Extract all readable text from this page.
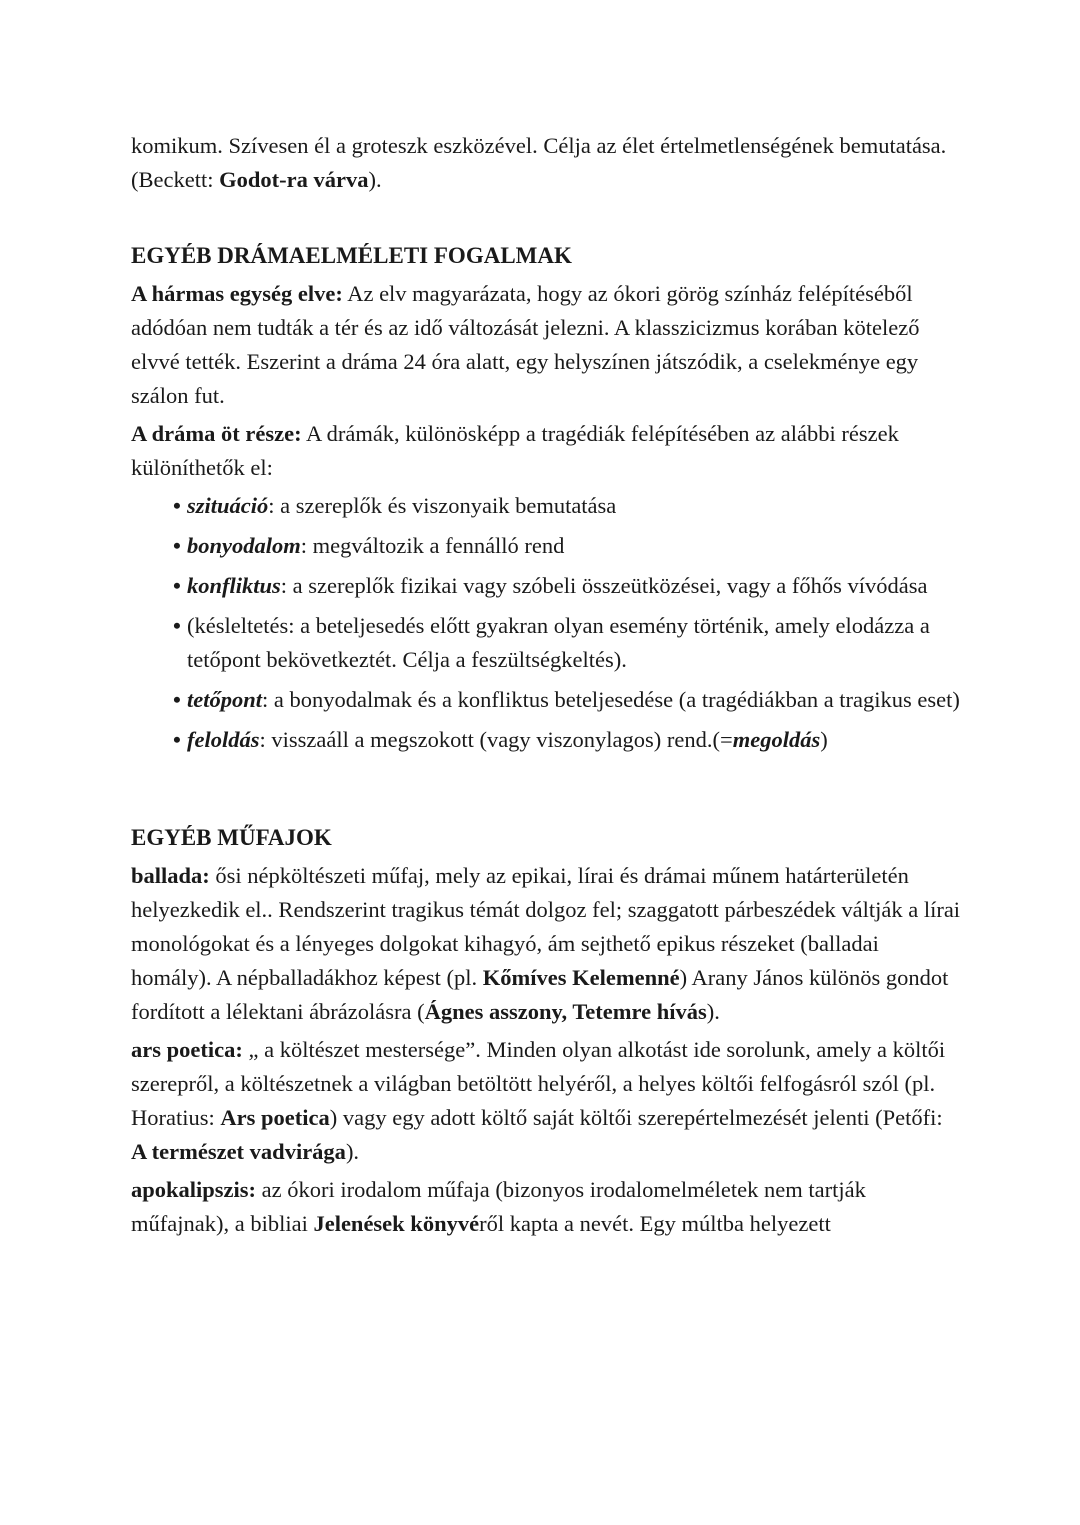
komikum. Szívesen él a groteszk eszközével. Célja az élet értelmetlenségének bemutatása. (Beckett: Godot-ra várva).

EGYÉB DRÁMAELMÉLETI FOGALMAK

A hármas egység elve: Az elv magyarázata, hogy az ókori görög színház felépítéséből adódóan nem tudták a tér és az idő változását jelezni. A klasszicizmus korában kötelező elvvé tették. Eszerint a dráma 24 óra alatt, egy helyszínen játszódik, a cselekménye egy szálon fut.

A dráma öt része: A drámák, különösképp a tragédiák felépítésében az alábbi részek különíthetők el:

• szituáció: a szereplők és viszonyaik bemutatása
• bonyodalom: megváltozik a fennálló rend
• konfliktus: a szereplők fizikai vagy szóbeli összeütközései, vagy a főhős vívódása
• (késleltetés: a beteljesedés előtt gyakran olyan esemény történik, amely elodázza a tetőpont bekövetkeztét. Célja a feszültségkeltés).
• tetőpont: a bonyodalmak és a konfliktus beteljesedése (a tragédiákban a tragikus eset)
• feloldás: visszaáll a megszokott (vagy viszonylagos) rend.(=megoldás)

EGYÉB MŰFAJOK

ballada: ősi népköltészeti műfaj, mely az epikai, lírai és drámai műnem határterületén helyezkedik el.. Rendszerint tragikus témát dolgoz fel; szaggatott párbeszédek váltják a lírai monológokat és a lényeges dolgokat kihagyó, ám sejthető epikus részeket (balladai homály). A népballadákhoz képest (pl. Kőmíves Kelemenné) Arany János különös gondot fordított a lélektani ábrázolásra (Ágnes asszony, Tetemre hívás).

ars poetica: „ a költészet mestersége”. Minden olyan alkotást ide sorolunk, amely a költői szerepről, a költészetnek a világban betöltött helyéről, a helyes költői felfogásról szól (pl. Horatius: Ars poetica) vagy egy adott költő saját költői szerepértelmezését jelenti (Petőfi: A természet vadvirága).

apokalipszis: az ókori irodalom műfaja (bizonyos irodalomelméletek nem tartják műfajnak), a bibliai Jelenések könyvéről kapta a nevét. Egy múltba helyezett
